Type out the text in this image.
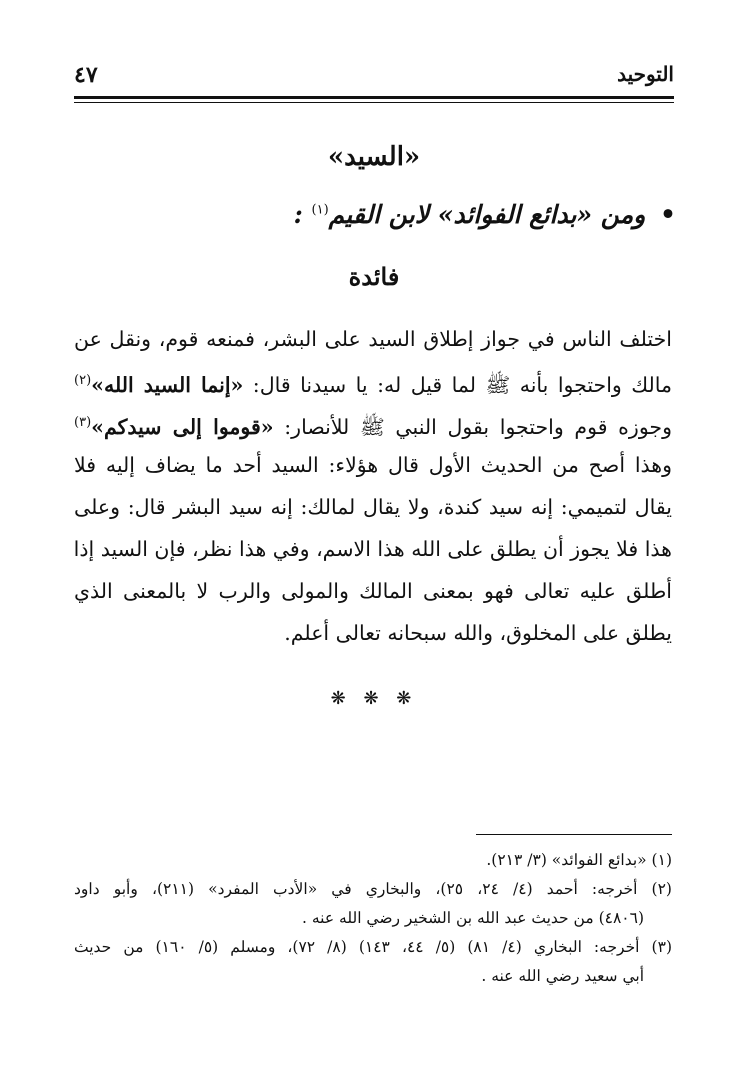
التوحيد
٤٧
«السيد»
• ومن «بدائع الفوائد» لابن القيم$^{(١)}$ :
فائدة
اختلف الناس في جواز إطلاق السيد على البشر، فمنعه قوم، ونقل عن
مالك واحتجوا بأنه ﷺ لما قيل له: يا سيدنا قال: «إنما السيد الله»$^{(٢)}$
وجوزه قوم واحتجوا بقول النبي ﷺ للأنصار: «قوموا إلى سيدكم»$^{(٣)}$
وهذا أصح من الحديث الأول قال هؤلاء: السيد أحد ما يضاف إليه فلا
يقال لتميمي: إنه سيد كندة، ولا يقال لمالك: إنه سيد البشر قال: وعلى
هذا فلا يجوز أن يطلق على الله هذا الاسم، وفي هذا نظر، فإن السيد إذا
أطلق عليه تعالى فهو بمعنى المالك والمولى والرب لا بالمعنى الذي
يطلق على المخلوق، والله سبحانه تعالى أعلم.
❋ ❋ ❋
(١) «بدائع الفوائد» (٣/ ٢١٣).
(٢) أخرجه: أحمد (٤/ ٢٤، ٢٥)، والبخاري في «الأدب المفرد» (٢١١)، وأبو داود
(٤٨٠٦) من حديث عبد الله بن الشخير رضي الله عنه .
(٣) أخرجه: البخاري (٤/ ٨١) (٥/ ٤٤، ١٤٣) (٨/ ٧٢)، ومسلم (٥/ ١٦٠) من حديث
أبي سعيد رضي الله عنه .
